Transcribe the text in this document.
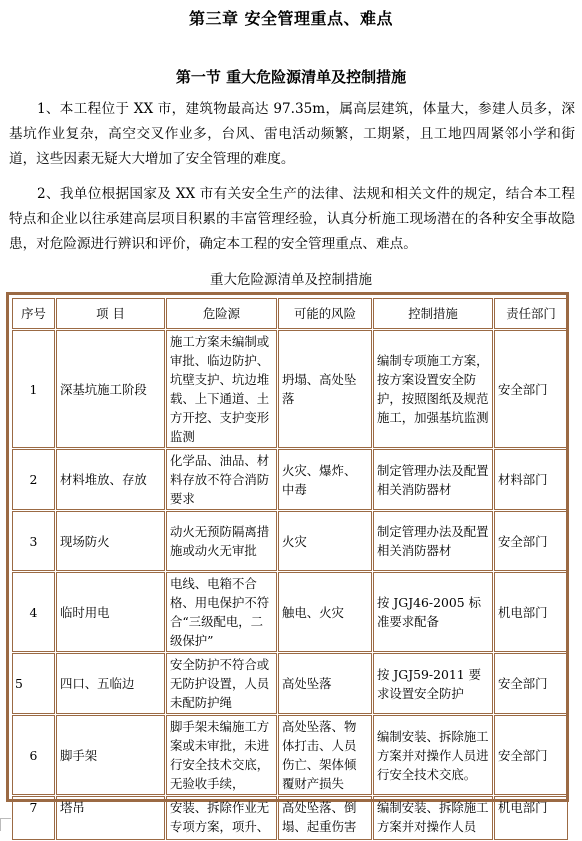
第三章 安全管理重点、难点
第一节 重大危险源清单及控制措施
1、本工程位于 XX 市，建筑物最高达 97.35m，属高层建筑，体量大，参建人员多，深基坑作业复杂，高空交叉作业多，台风、雷电活动频繁，工期紧，且工地四周紧邻小学和街道，这些因素无疑大大增加了安全管理的难度。
2、我单位根据国家及 XX 市有关安全生产的法律、法规和相关文件的规定，结合本工程特点和企业以往承建高层项目积累的丰富管理经验，认真分析施工现场潜在的各种安全事故隐患，对危险源进行辨识和评价，确定本工程的安全管理重点、难点。
重大危险源清单及控制措施
序号	项 目	危险源	可能的风险	控制措施	责任部门
1	深基坑施工阶段	施工方案未编制或审批、临边防护、坑壁支护、坑边堆载、上下通道、土方开挖、支护变形监测	坍塌、高处坠落	编制专项施工方案，按方案设置安全防护，按照图纸及规范施工，加强基坑监测	安全部门
2	材料堆放、存放	化学品、油品、材料存放不符合消防要求	火灾、爆炸、中毒	制定管理办法及配置相关消防器材	材料部门
3	现场防火	动火无预防隔离措施或动火无审批	火灾	制定管理办法及配置相关消防器材	安全部门
4	临时用电	电线、电箱不合格、用电保护不符合“三级配电，二级保护”	触电、火灾	按 JGJ46-2005 标准要求配备	机电部门
5	四口、五临边	安全防护不符合或无防护设置，人员未配防护绳	高处坠落	按 JGJ59-2011 要求设置安全防护	安全部门
6	脚手架	脚手架未编施工方案或未审批，未进行安全技术交底，无验收手续，	高处坠落、物体打击、人员伤亡、架体倾覆财产损失	编制安装、拆除施工方案并对操作人员进行安全技术交底。	安全部门
7	塔吊	安装、拆除作业无专项方案，项升、	高处坠落、倒塌、起重伤害	编制安装、拆除施工方案并对操作人员	机电部门
